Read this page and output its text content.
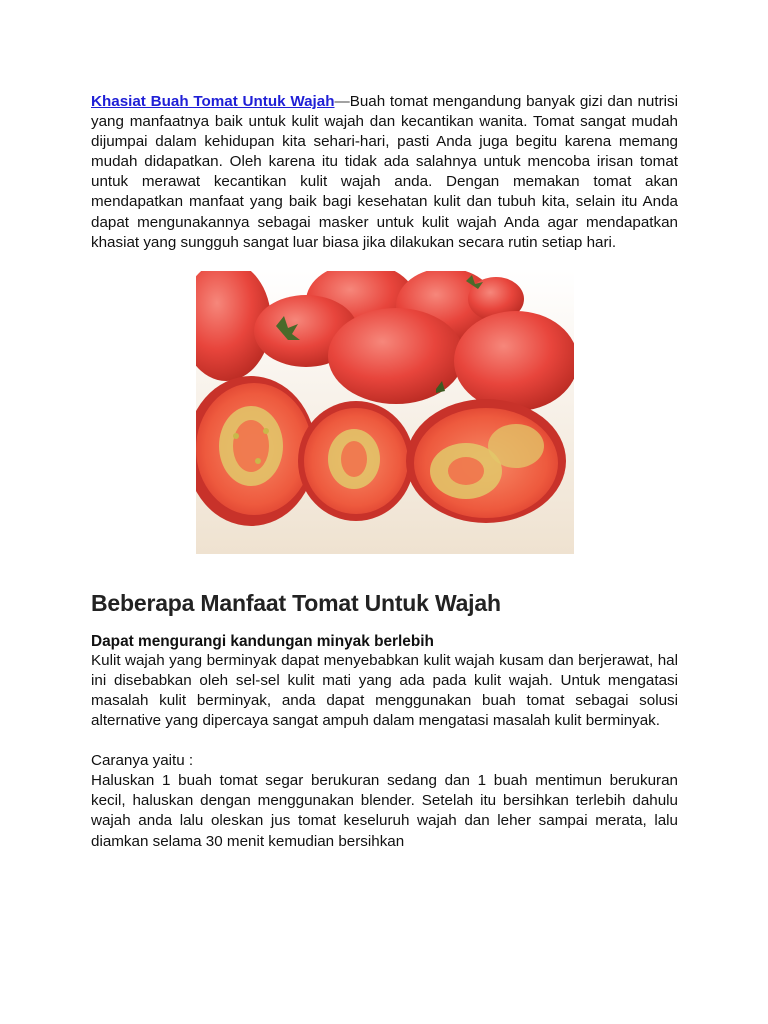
Khasiat Buah Tomat Untuk Wajah—Buah tomat mengandung banyak gizi dan nutrisi yang manfaatnya baik untuk kulit wajah dan kecantikan wanita. Tomat sangat mudah dijumpai dalam kehidupan kita sehari-hari, pasti Anda juga begitu karena memang mudah didapatkan. Oleh karena itu tidak ada salahnya untuk mencoba irisan tomat untuk merawat kecantikan kulit wajah anda. Dengan memakan tomat akan mendapatkan manfaat yang baik bagi kesehatan kulit dan tubuh kita, selain itu Anda dapat mengunakannya sebagai masker untuk kulit wajah Anda agar mendapatkan khasiat yang sungguh sangat luar biasa jika dilakukan secara rutin setiap hari.

Beberapa Manfaat Tomat Untuk Wajah
Dapat mengurangi kandungan minyak berlebih

Kulit wajah yang berminyak dapat menyebabkan kulit wajah kusam dan berjerawat, hal ini disebabkan oleh sel-sel kulit mati yang ada pada kulit wajah. Untuk mengatasi masalah kulit berminyak, anda dapat menggunakan buah tomat sebagai solusi alternative yang dipercaya sangat ampuh dalam mengatasi masalah kulit berminyak.

Caranya yaitu :

Haluskan 1 buah tomat segar berukuran sedang dan 1 buah mentimun berukuran kecil, haluskan dengan menggunakan blender. Setelah itu bersihkan terlebih dahulu wajah anda lalu oleskan jus tomat keseluruh wajah dan leher sampai merata, lalu diamkan selama 30 menit kemudian bersihkan
